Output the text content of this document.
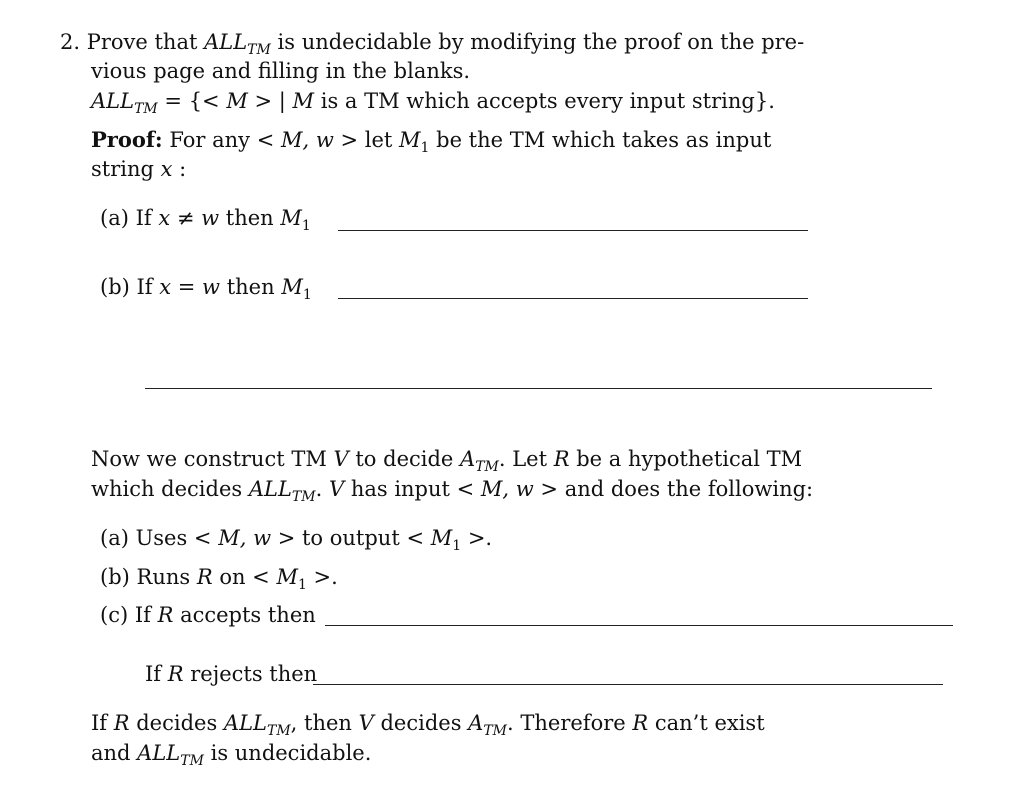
2. Prove that $ALL_{TM}$ is undecidable by modifying the proof on the pre-
vious page and filling in the blanks.
$ALL_{TM}$ = {< M > | M is a TM which accepts every input string}.
Proof: For any < M, w > let $M_1$ be the TM which takes as input
string x :
(a) If x ≠ w then $M_1$
(b) If x = w then $M_1$
Now we construct TM V to decide $A_{TM}$. Let R be a hypothetical TM
which decides $ALL_{TM}$. V has input < M, w > and does the following:
(a) Uses < M, w > to output < $M_1$ >.
(b) Runs R on < $M_1$ >.
(c) If R accepts then
If R rejects then
If R decides $ALL_{TM}$, then V decides $A_{TM}$. Therefore R can’t exist
and $ALL_{TM}$ is undecidable.
